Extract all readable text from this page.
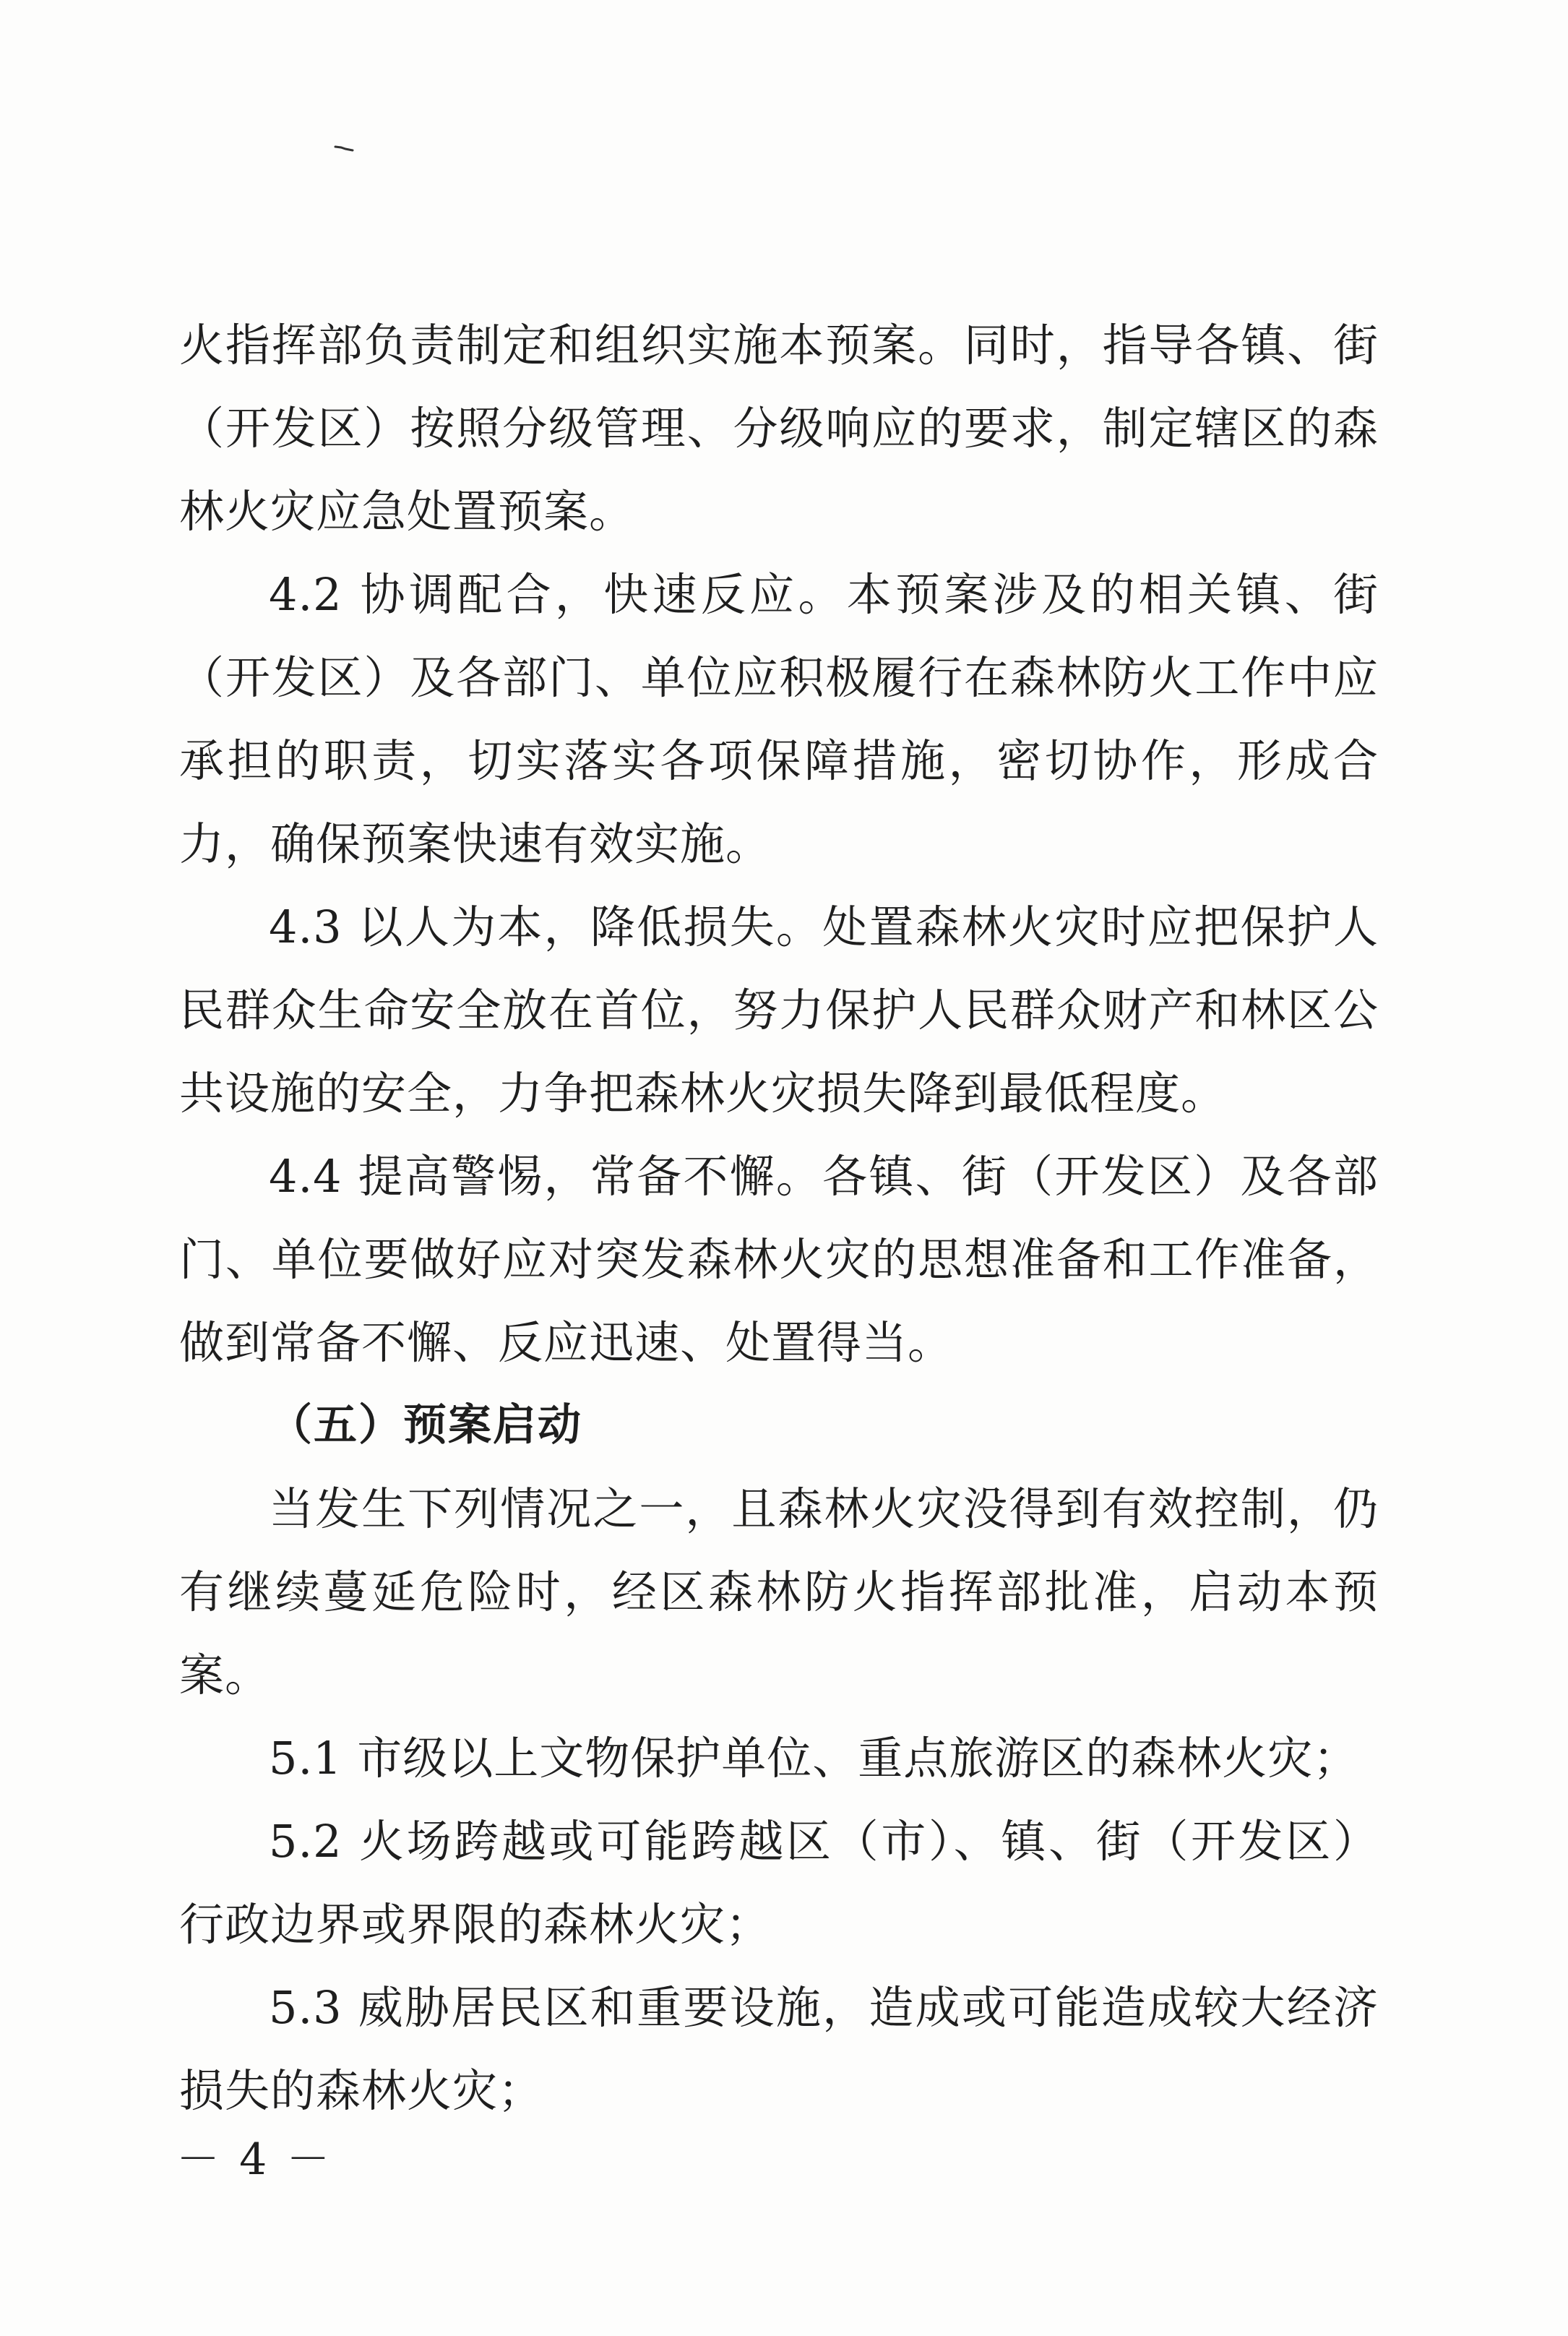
火指挥部负责制定和组织实施本预案。同时，指导各镇、街（开发区）按照分级管理、分级响应的要求，制定辖区的森林火灾应急处置预案。

4.2 协调配合，快速反应。本预案涉及的相关镇、街（开发区）及各部门、单位应积极履行在森林防火工作中应承担的职责，切实落实各项保障措施，密切协作，形成合力，确保预案快速有效实施。

4.3 以人为本，降低损失。处置森林火灾时应把保护人民群众生命安全放在首位，努力保护人民群众财产和林区公共设施的安全，力争把森林火灾损失降到最低程度。

4.4 提高警惕，常备不懈。各镇、街（开发区）及各部门、单位要做好应对突发森林火灾的思想准备和工作准备，做到常备不懈、反应迅速、处置得当。

（五）预案启动

当发生下列情况之一，且森林火灾没得到有效控制，仍有继续蔓延危险时，经区森林防火指挥部批准，启动本预案。

5.1 市级以上文物保护单位、重点旅游区的森林火灾；

5.2 火场跨越或可能跨越区（市）、镇、街（开发区）行政边界或界限的森林火灾；

5.3 威胁居民区和重要设施，造成或可能造成较大经济损失的森林火灾；

－ 4 －
